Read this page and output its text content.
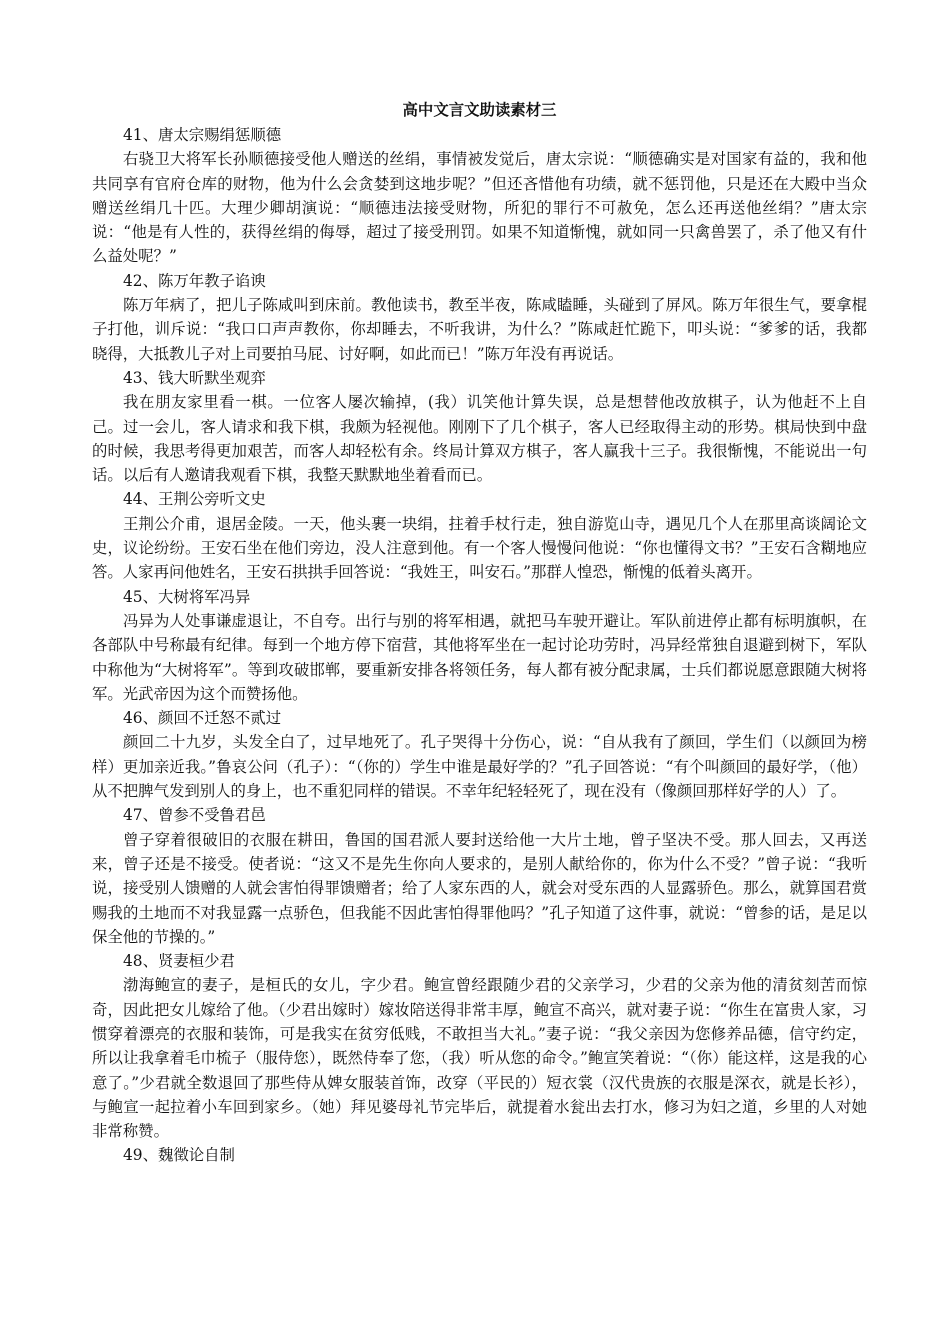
高中文言文助读素材三

41、唐太宗赐绢惩顺德

右骁卫大将军长孙顺德接受他人赠送的丝绢，事情被发觉后，唐太宗说：“顺德确实是对国家有益的，我和他共同享有官府仓库的财物，他为什么会贪婪到这地步呢？”但还吝惜他有功绩，就不惩罚他，只是还在大殿中当众赠送丝绢几十匹。大理少卿胡演说：“顺德违法接受财物，所犯的罪行不可赦免，怎么还再送他丝绢？”唐太宗说：“他是有人性的，获得丝绢的侮辱，超过了接受刑罚。如果不知道惭愧，就如同一只禽兽罢了，杀了他又有什么益处呢？”

42、陈万年教子谄谀

陈万年病了，把儿子陈咸叫到床前。教他读书，教至半夜，陈咸瞌睡，头碰到了屏风。陈万年很生气，要拿棍子打他，训斥说：“我口口声声教你，你却睡去，不听我讲，为什么？”陈咸赶忙跪下，叩头说：“爹爹的话，我都晓得，大抵教儿子对上司要拍马屁、讨好啊，如此而已！”陈万年没有再说话。

43、钱大昕默坐观弈

我在朋友家里看一棋。一位客人屡次输掉，(我）讥笑他计算失误，总是想替他改放棋子，认为他赶不上自己。过一会儿，客人请求和我下棋，我颇为轻视他。刚刚下了几个棋子，客人已经取得主动的形势。棋局快到中盘的时候，我思考得更加艰苦，而客人却轻松有余。终局计算双方棋子，客人赢我十三子。我很惭愧，不能说出一句话。以后有人邀请我观看下棋，我整天默默地坐着看而已。

44、王荆公旁听文史

王荆公介甫，退居金陵。一天，他头裹一块绢，拄着手杖行走，独自游览山寺，遇见几个人在那里高谈阔论文史，议论纷纷。王安石坐在他们旁边，没人注意到他。有一个客人慢慢问他说：“你也懂得文书？”王安石含糊地应答。人家再问他姓名，王安石拱拱手回答说：“我姓王，叫安石。”那群人惶恐，惭愧的低着头离开。

45、大树将军冯异

冯异为人处事谦虚退让，不自夸。出行与别的将军相遇，就把马车驶开避让。军队前进停止都有标明旗帜，在各部队中号称最有纪律。每到一个地方停下宿营，其他将军坐在一起讨论功劳时，冯异经常独自退避到树下，军队中称他为“大树将军”。等到攻破邯郸，要重新安排各将领任务，每人都有被分配隶属，士兵们都说愿意跟随大树将军。光武帝因为这个而赞扬他。

46、颜回不迁怒不贰过

颜回二十九岁，头发全白了，过早地死了。孔子哭得十分伤心，说：“自从我有了颜回，学生们（以颜回为榜样）更加亲近我。”鲁哀公问（孔子）：“（你的）学生中谁是最好学的？”孔子回答说：“有个叫颜回的最好学，（他）从不把脾气发到别人的身上，也不重犯同样的错误。不幸年纪轻轻死了，现在没有（像颜回那样好学的人）了。

47、曾参不受鲁君邑

曾子穿着很破旧的衣服在耕田，鲁国的国君派人要封送给他一大片土地，曾子坚决不受。那人回去，又再送来，曾子还是不接受。使者说：“这又不是先生你向人要求的，是别人献给你的，你为什么不受？”曾子说：“我听说，接受别人馈赠的人就会害怕得罪馈赠者；给了人家东西的人，就会对受东西的人显露骄色。那么，就算国君赏赐我的土地而不对我显露一点骄色，但我能不因此害怕得罪他吗？”孔子知道了这件事，就说：“曾参的话，是足以保全他的节操的。”

48、贤妻桓少君

渤海鲍宣的妻子，是桓氏的女儿，字少君。鲍宣曾经跟随少君的父亲学习，少君的父亲为他的清贫刻苦而惊奇，因此把女儿嫁给了他。（少君出嫁时）嫁妆陪送得非常丰厚，鲍宣不高兴，就对妻子说：“你生在富贵人家，习惯穿着漂亮的衣服和装饰，可是我实在贫穷低贱，不敢担当大礼。”妻子说：“我父亲因为您修养品德，信守约定，所以让我拿着毛巾梳子（服侍您），既然侍奉了您，（我）听从您的命令。”鲍宣笑着说：“（你）能这样，这是我的心意了。”少君就全数退回了那些侍从婢女服装首饰，改穿（平民的）短衣裳（汉代贵族的衣服是深衣，就是长衫），与鲍宣一起拉着小车回到家乡。（她）拜见婆母礼节完毕后，就提着水瓮出去打水，修习为妇之道，乡里的人对她非常称赞。

49、魏徵论自制
